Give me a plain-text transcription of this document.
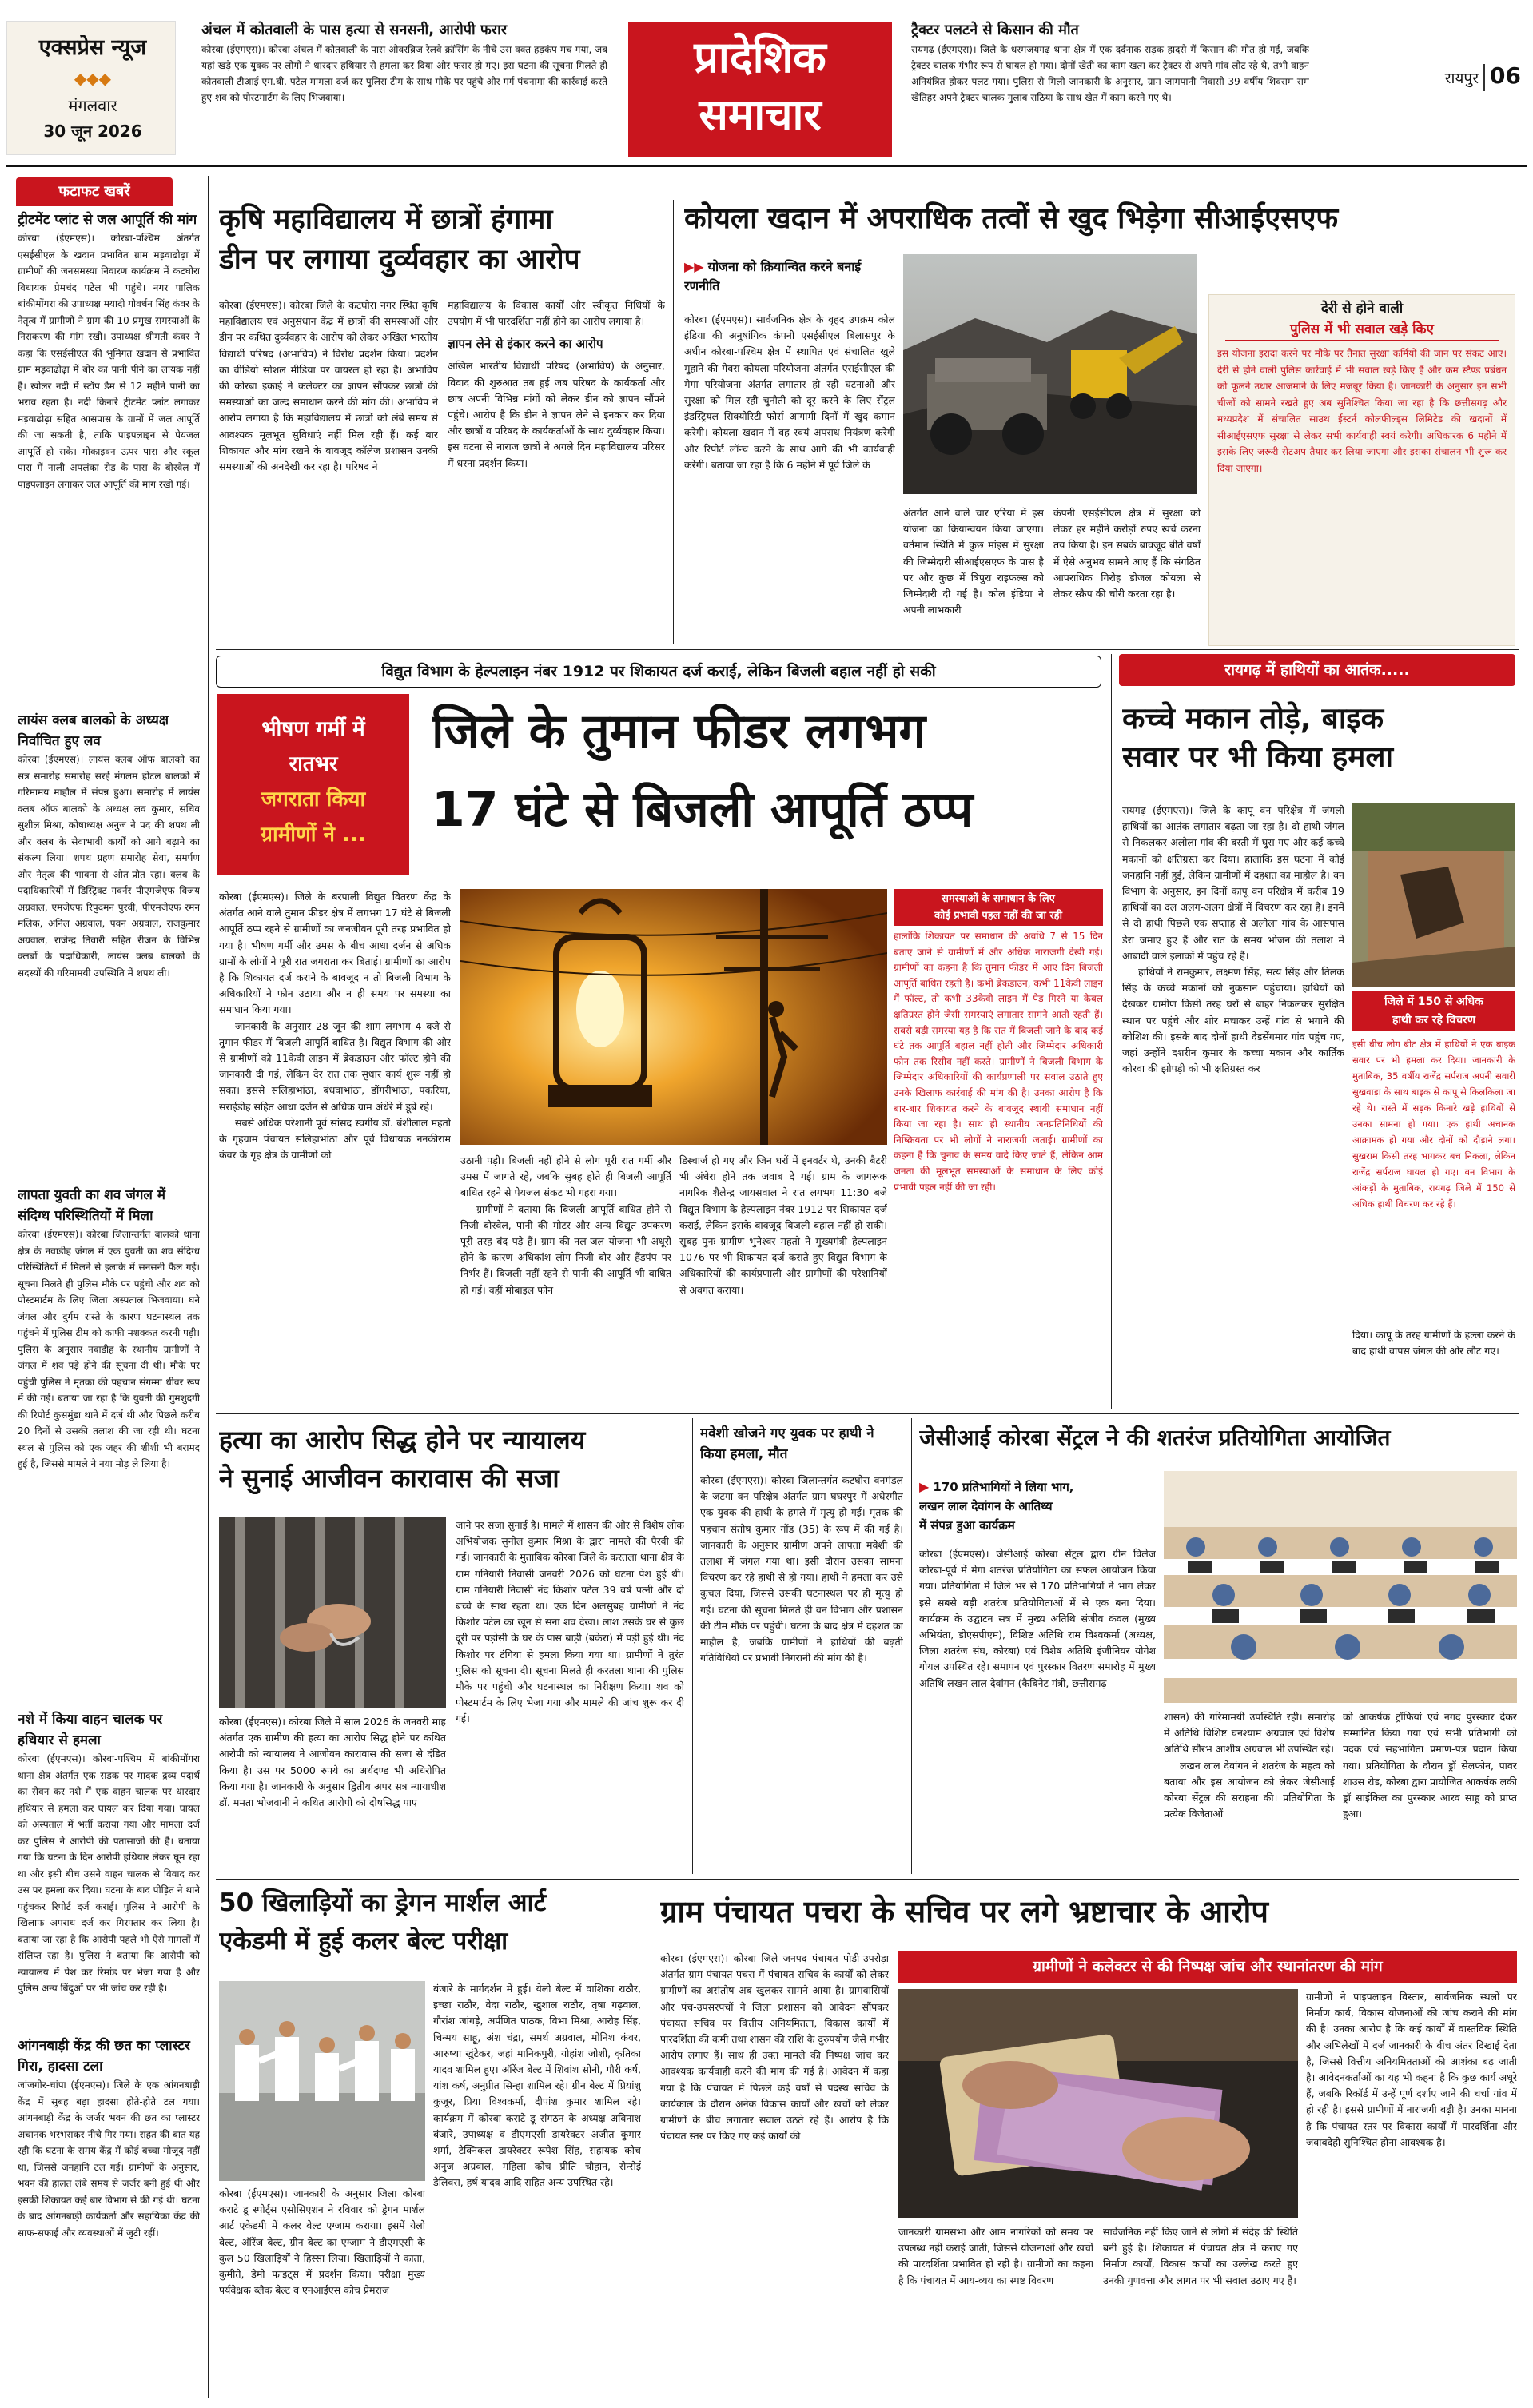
एक्सप्रेस न्यूज
◆◆◆
मंगलवार
30 जून 2026
अंचल में कोतवाली के पास हत्या से सनसनी, आरोपी फरार
कोरबा (ईएमएस)। कोरबा अंचल में कोतवाली के पास ओवरब्रिज रेलवे क्रॉसिंग के नीचे उस वक्त हड़कंप मच गया, जब यहां खड़े एक युवक पर लोगों ने धारदार हथियार से हमला कर दिया और फरार हो गए। इस घटना की सूचना मिलते ही कोतवाली टीआई एम.बी. पटेल मामला दर्ज कर पुलिस टीम के साथ मौके पर पहुंचे और मर्ग पंचनामा की कार्रवाई करते हुए शव को पोस्टमार्टम के लिए भिजवाया।
प्रादेशिक
समाचार
ट्रैक्टर पलटने से किसान की मौत
रायगढ़ (ईएमएस)। जिले के धरमजयगढ़ थाना क्षेत्र में एक दर्दनाक सड़क हादसे में किसान की मौत हो गई, जबकि ट्रैक्टर चालक गंभीर रूप से घायल हो गया। दोनों खेती का काम खत्म कर ट्रैक्टर से अपने गांव लौट रहे थे, तभी वाहन अनियंत्रित होकर पलट गया। पुलिस से मिली जानकारी के अनुसार, ग्राम जामपानी निवासी 39 वर्षीय शिवराम राम खेतिहर अपने ट्रैक्टर चालक गुलाब राठिया के साथ खेत में काम करने गए थे।
रायपुर 06
फटाफट खबरें
ट्रीटमेंट प्लांट से जल आपूर्ति की मांग
कोरबा (ईएमएस)। कोरबा-पश्चिम अंतर्गत एसईसीएल के खदान प्रभावित ग्राम मड़वाढोढ़ा में ग्रामीणों की जनसमस्या निवारण कार्यक्रम में कटघोरा विधायक प्रेमचंद पटेल भी पहुंचे। नगर पालिक बांकीमोंगरा की उपाध्यक्ष मयादी गोवर्धन सिंह कंवर के नेतृत्व में ग्रामीणों ने ग्राम की 10 प्रमुख समस्याओं के निराकरण की मांग रखी। उपाध्यक्ष श्रीमती कंवर ने कहा कि एसईसीएल की भूमिगत खदान से प्रभावित ग्राम मड़वाढोढ़ा में बोर का पानी पीने का लायक नहीं है। खोलर नदी में स्टॉप डैम से 12 महीने पानी का भराव रहता है। नदी किनारे ट्रीटमेंट प्लांट लगाकर मड़वाढोढ़ा सहित आसपास के ग्रामों में जल आपूर्ति की जा सकती है, ताकि पाइपलाइन से पेयजल आपूर्ति हो सके। मोकाइवन ऊपर पारा और स्कूल पारा में नाली अपलंका रोड़ के पास के बोरवेल में पाइपलाइन लगाकर जल आपूर्ति की मांग रखी गई।
लायंस क्लब बालको के अध्यक्ष निर्वाचित हुए लव
कोरबा (ईएमएस)। लायंस क्लब ऑफ बालको का सत्र समारोह समारोह सरई मंगलम होटल बालको में गरिमामय माहौल में संपन्न हुआ। समारोह में लायंस क्लब ऑफ बालको के अध्यक्ष लव कुमार, सचिव सुशील मिश्रा, कोषाध्यक्ष अनुज ने पद की शपथ ली और क्लब के सेवाभावी कार्यों को आगे बढ़ाने का संकल्प लिया। शपथ ग्रहण समारोह सेवा, समर्पण और नेतृत्व की भावना से ओत-प्रोत रहा। क्लब के पदाधिकारियों में डिस्ट्रिक्ट गवर्नर पीएमजेएफ विजय अग्रवाल, एमजेएफ रिपुदमन पुरवी, पीएमजेएफ रमन मलिक, अनिल अग्रवाल, पवन अग्रवाल, राजकुमार अग्रवाल, राजेन्द्र तिवारी सहित रीजन के विभिन्न क्लबों के पदाधिकारी, लायंस क्लब बालको के सदस्यों की गरिमामयी उपस्थिति में शपथ ली।
लापता युवती का शव जंगल में संदिग्ध परिस्थितियों में मिला
कोरबा (ईएमएस)। कोरबा जिलान्तर्गत बालको थाना क्षेत्र के नवाडीह जंगल में एक युवती का शव संदिग्ध परिस्थितियों में मिलने से इलाके में सनसनी फैल गई। सूचना मिलते ही पुलिस मौके पर पहुंची और शव को पोस्टमार्टम के लिए जिला अस्पताल भिजवाया। घने जंगल और दुर्गम रास्ते के कारण घटनास्थल तक पहुंचने में पुलिस टीम को काफी मशक्कत करनी पड़ी। पुलिस के अनुसार नवाडीह के स्थानीय ग्रामीणों ने जंगल में शव पड़े होने की सूचना दी थी। मौके पर पहुंची पुलिस ने मृतका की पहचान संगम्मा धीवर रूप में की गई। बताया जा रहा है कि युवती की गुमशुदगी की रिपोर्ट कुसमुंडा थाने में दर्ज थी और पिछले करीब 20 दिनों से उसकी तलाश की जा रही थी। घटना स्थल से पुलिस को एक जहर की शीशी भी बरामद हुई है, जिससे मामले ने नया मोड़ ले लिया है।
नशे में किया वाहन चालक पर हथियार से हमला
कोरबा (ईएमएस)। कोरबा-पश्चिम में बांकीमोंगरा थाना क्षेत्र अंतर्गत एक सड़क पर मादक द्रव्य पदार्थ का सेवन कर नशे में एक वाहन चालक पर धारदार हथियार से हमला कर घायल कर दिया गया। घायल को अस्पताल में भर्ती कराया गया और मामला दर्ज कर पुलिस ने आरोपी की पतासाजी की है। बताया गया कि घटना के दिन आरोपी हथियार लेकर घूम रहा था और इसी बीच उसने वाहन चालक से विवाद कर उस पर हमला कर दिया। घटना के बाद पीड़ित ने थाने पहुंचकर रिपोर्ट दर्ज कराई। पुलिस ने आरोपी के खिलाफ अपराध दर्ज कर गिरफ्तार कर लिया है। बताया जा रहा है कि आरोपी पहले भी ऐसे मामलों में संलिप्त रहा है। पुलिस ने बताया कि आरोपी को न्यायालय में पेश कर रिमांड पर भेजा गया है और पुलिस अन्य बिंदुओं पर भी जांच कर रही है।
आंगनबाड़ी केंद्र की छत का प्लास्टर गिरा, हादसा टला
जांजगीर-चांपा (ईएमएस)। जिले के एक आंगनबाड़ी केंद्र में सुबह बड़ा हादसा होते-होते टल गया। आंगनबाड़ी केंद्र के जर्जर भवन की छत का प्लास्टर अचानक भरभराकर नीचे गिर गया। राहत की बात यह रही कि घटना के समय केंद्र में कोई बच्चा मौजूद नहीं था, जिससे जनहानि टल गई। ग्रामीणों के अनुसार, भवन की हालत लंबे समय से जर्जर बनी हुई थी और इसकी शिकायत कई बार विभाग से की गई थी। घटना के बाद आंगनबाड़ी कार्यकर्ता और सहायिका केंद्र की साफ-सफाई और व्यवस्थाओं में जुटी रहीं।
कृषि महाविद्यालय में छात्रों हंगामा
डीन पर लगाया दुर्व्यवहार का आरोप
कोरबा (ईएमएस)। कोरबा जिले के कटघोरा नगर स्थित कृषि महाविद्यालय एवं अनुसंधान केंद्र में छात्रों की समस्याओं और डीन पर कथित दुर्व्यवहार के आरोप को लेकर अखिल भारतीय विद्यार्थी परिषद (अभाविप) ने विरोध प्रदर्शन किया। प्रदर्शन का वीडियो सोशल मीडिया पर वायरल हो रहा है। अभाविप की कोरबा इकाई ने कलेक्टर का ज्ञापन सौंपकर छात्रों की समस्याओं का जल्द समाधान करने की मांग की। अभाविप ने आरोप लगाया है कि महाविद्यालय में छात्रों को लंबे समय से आवश्यक मूलभूत सुविधाएं नहीं मिल रही हैं। कई बार शिकायत और मांग रखने के बावजूद कॉलेज प्रशासन उनकी समस्याओं की अनदेखी कर रहा है। परिषद ने
महाविद्यालय के विकास कार्यों और स्वीकृत निधियों के उपयोग में भी पारदर्शिता नहीं होने का आरोप लगाया है।
ज्ञापन लेने से इंकार करने का आरोप
अखिल भारतीय विद्यार्थी परिषद (अभाविप) के अनुसार, विवाद की शुरुआत तब हुई जब परिषद के कार्यकर्ता और छात्र अपनी विभिन्न मांगों को लेकर डीन को ज्ञापन सौंपने पहुंचे। आरोप है कि डीन ने ज्ञापन लेने से इनकार कर दिया और छात्रों व परिषद के कार्यकर्ताओं के साथ दुर्व्यवहार किया। इस घटना से नाराज छात्रों ने अगले दिन महाविद्यालय परिसर में धरना-प्रदर्शन किया।
कोयला खदान में अपराधिक तत्वों से खुद भिड़ेगा सीआईएसएफ
▶▶ योजना को क्रियान्वित करने बनाई रणनीति
कोरबा (ईएमएस)। सार्वजनिक क्षेत्र के वृहद उपक्रम कोल इंडिया की अनुषांगिक कंपनी एसईसीएल बिलासपुर के अधीन कोरबा-पश्चिम क्षेत्र में स्थापित एवं संचालित खुले मुहाने की गेवरा कोयला परियोजना अंतर्गत एसईसीएल की मेगा परियोजना अंतर्गत लगातार हो रही घटनाओं और सुरक्षा को मिल रही चुनौती को दूर करने के लिए सेंट्रल इंडस्ट्रियल सिक्योरिटी फोर्स आगामी दिनों में खुद कमान करेगी। कोयला खदान में वह स्वयं अपराध नियंत्रण करेगी और रिपोर्ट लॉन्च करने के साथ आगे की भी कार्यवाही करेगी। बताया जा रहा है कि 6 महीने में पूर्व जिले के
अंतर्गत आने वाले चार एरिया में इस योजना का क्रियान्वयन किया जाएगा। वर्तमान स्थिति में कुछ मांइस में सुरक्षा की जिम्मेदारी सीआईएसएफ के पास है पर और कुछ में त्रिपुरा राइफल्स को जिम्मेदारी दी गई है। कोल इंडिया ने अपनी लाभकारी
कंपनी एसईसीएल क्षेत्र में सुरक्षा को लेकर हर महीने करोड़ों रुपए खर्च करना तय किया है। इन सबके बावजूद बीते वर्षों में ऐसे अनुभव सामने आए हैं कि संगठित आपराधिक गिरोह डीजल कोयला से लेकर स्क्रैप की चोरी करता रहा है।
देरी से होने वाली
पुलिस में भी सवाल खड़े किए
इस योजना इरादा करने पर मौके पर तैनात सुरक्षा कर्मियों की जान पर संकट आए। देरी से होने वाली पुलिस कार्रवाई में भी सवाल खड़े किए हैं और कम स्टैण्ड प्रबंधन को फूलने उधार आजमाने के लिए मजबूर किया है। जानकारी के अनुसार इन सभी चीजों को सामने रखते हुए अब सुनिश्चित किया जा रहा है कि छत्तीसगढ़ और मध्यप्रदेश में संचालित साउथ ईस्टर्न कोलफील्ड्स लिमिटेड की खदानों में सीआईएसएफ सुरक्षा से लेकर सभी कार्यवाही स्वयं करेगी। अधिकारक 6 महीने में इसके लिए जरूरी सेटअप तैयार कर लिया जाएगा और इसका संचालन भी शुरू कर दिया जाएगा।
विद्युत विभाग के हेल्पलाइन नंबर 1912 पर शिकायत दर्ज कराई, लेकिन बिजली बहाल नहीं हो सकी
भीषण गर्मी में
रातभर
जगराता किया
ग्रामीणों ने ...
जिले के तुमान फीडर लगभग
17 घंटे से बिजली आपूर्ति ठप्प
कोरबा (ईएमएस)। जिले के बरपाली विद्युत वितरण केंद्र के अंतर्गत आने वाले तुमान फीडर क्षेत्र में लगभग 17 घंटे से बिजली आपूर्ति ठप्प रहने से ग्रामीणों का जनजीवन पूरी तरह प्रभावित हो गया है। भीषण गर्मी और उमस के बीच आधा दर्जन से अधिक ग्रामों के लोगों ने पूरी रात जगराता कर बिताई। ग्रामीणों का आरोप है कि शिकायत दर्ज कराने के बावजूद न तो बिजली विभाग के अधिकारियों ने फोन उठाया और न ही समय पर समस्या का समाधान किया गया।
जानकारी के अनुसार 28 जून की शाम लगभग 4 बजे से तुमान फीडर में बिजली आपूर्ति बाधित है। विद्युत विभाग की ओर से ग्रामीणों को 11केवी लाइन में ब्रेकडाउन और फॉल्ट होने की जानकारी दी गई, लेकिन देर रात तक सुधार कार्य शुरू नहीं हो सका। इससे सलिहाभांठा, बंधवाभांठा, डोंगरीभांठा, पकरिया, सराईडीह सहित आधा दर्जन से अधिक ग्राम अंधेरे में डूबे रहे।
सबसे अधिक परेशानी पूर्व सांसद स्वर्गीय डॉ. बंशीलाल महतो के गृहग्राम पंचायत सलिहाभांठा और पूर्व विधायक ननकीराम कंवर के गृह क्षेत्र के ग्रामीणों को
समस्याओं के समाधान के लिए
कोई प्रभावी पहल नहीं की जा रही
हालांकि शिकायत पर समाधान की अवधि 7 से 15 दिन बताए जाने से ग्रामीणों में और अधिक नाराजगी देखी गई। ग्रामीणों का कहना है कि तुमान फीडर में आए दिन बिजली आपूर्ति बाधित रहती है। कभी ब्रेकडाउन, कभी 11केवी लाइन में फॉल्ट, तो कभी 33केवी लाइन में पेड़ गिरने या केबल क्षतिग्रस्त होने जैसी समस्याएं लगातार सामने आती रहती हैं। सबसे बड़ी समस्या यह है कि रात में बिजली जाने के बाद कई घंटे तक आपूर्ति बहाल नहीं होती और जिम्मेदार अधिकारी फोन तक रिसीव नहीं करते। ग्रामीणों ने बिजली विभाग के जिम्मेदार अधिकारियों की कार्यप्रणाली पर सवाल उठाते हुए उनके खिलाफ कार्रवाई की मांग की है। उनका आरोप है कि बार-बार शिकायत करने के बावजूद स्थायी समाधान नहीं किया जा रहा है। साथ ही स्थानीय जनप्रतिनिधियों की निष्क्रियता पर भी लोगों ने नाराजगी जताई। ग्रामीणों का कहना है कि चुनाव के समय वादे किए जाते हैं, लेकिन आम जनता की मूलभूत समस्याओं के समाधान के लिए कोई प्रभावी पहल नहीं की जा रही।
उठानी पड़ी। बिजली नहीं होने से लोग पूरी रात गर्मी और उमस में जागते रहे, जबकि सुबह होते ही बिजली आपूर्ति बाधित रहने से पेयजल संकट भी गहरा गया।
ग्रामीणों ने बताया कि बिजली आपूर्ति बाधित होने से निजी बोरवेल, पानी की मोटर और अन्य विद्युत उपकरण पूरी तरह बंद पड़े हैं। ग्राम की नल-जल योजना भी अधूरी होने के कारण अधिकांश लोग निजी बोर और हैंडपंप पर निर्भर हैं। बिजली नहीं रहने से पानी की आपूर्ति भी बाधित हो गई। वहीं मोबाइल फोन
डिस्चार्ज हो गए और जिन घरों में इनवर्टर थे, उनकी बैटरी भी अंधेरा होने तक जवाब दे गई। ग्राम के जागरूक नागरिक शैलेन्द्र जायसवाल ने रात लगभग 11:30 बजे विद्युत विभाग के हेल्पलाइन नंबर 1912 पर शिकायत दर्ज कराई, लेकिन इसके बावजूद बिजली बहाल नहीं हो सकी। सुबह पुनः ग्रामीण भुनेश्वर महतो ने मुख्यमंत्री हेल्पलाइन 1076 पर भी शिकायत दर्ज कराते हुए विद्युत विभाग के अधिकारियों की कार्यप्रणाली और ग्रामीणों की परेशानियों से अवगत कराया।
रायगढ़ में हाथियों का आतंक.....
कच्चे मकान तोड़े, बाइक
सवार पर भी किया हमला
रायगढ़ (ईएमएस)। जिले के कापू वन परिक्षेत्र में जंगली हाथियों का आतंक लगातार बढ़ता जा रहा है। दो हाथी जंगल से निकलकर अलोला गांव की बस्ती में घुस गए और कई कच्चे मकानों को क्षतिग्रस्त कर दिया। हालांकि इस घटना में कोई जनहानि नहीं हुई, लेकिन ग्रामीणों में दहशत का माहौल है। वन विभाग के अनुसार, इन दिनों कापू वन परिक्षेत्र में करीब 19 हाथियों का दल अलग-अलग क्षेत्रों में विचरण कर रहा है। इनमें से दो हाथी पिछले एक सप्ताह से अलोला गांव के आसपास डेरा जमाए हुए हैं और रात के समय भोजन की तलाश में आबादी वाले इलाकों में पहुंच रहे हैं।
हाथियों ने रामकुमार, लक्ष्मण सिंह, सत्य सिंह और तिलक सिंह के कच्चे मकानों को नुकसान पहुंचाया। हाथियों को देखकर ग्रामीण किसी तरह घरों से बाहर निकलकर सुरक्षित स्थान पर पहुंचे और शोर मचाकर उन्हें गांव से भगाने की कोशिश की। इसके बाद दोनों हाथी देडसेंगमार गांव पहुंच गए, जहां उन्होंने दशरीन कुमार के कच्चा मकान और कार्तिक कोरवा की झोपड़ी को भी क्षतिग्रस्त कर
जिले में 150 से अधिक
हाथी कर रहे विचरण
इसी बीच लोग बीट क्षेत्र में हाथियों ने एक बाइक सवार पर भी हमला कर दिया। जानकारी के मुताबिक, 35 वर्षीय राजेंद्र सर्पराज अपनी सवारी सुखवाड़ा के साथ बाइक से कापू से किलकिला जा रहे थे। रास्ते में सड़क किनारे खड़े हाथियों से उनका सामना हो गया। एक हाथी अचानक आक्रामक हो गया और दोनों को दौड़ाने लगा। सुखराम किसी तरह भागकर बच निकला, लेकिन राजेंद्र सर्पराज घायल हो गए। वन विभाग के आंकड़ों के मुताबिक, रायगढ़ जिले में 150 से अधिक हाथी विचरण कर रहे हैं।
दिया। कापू के तरह ग्रामीणों के हल्ला करने के बाद हाथी वापस जंगल की ओर लौट गए।
हत्या का आरोप सिद्ध होने पर न्यायालय
ने सुनाई आजीवन कारावास की सजा
कोरबा (ईएमएस)। कोरबा जिले में साल 2026 के जनवरी माह अंतर्गत एक ग्रामीण की हत्या का आरोप सिद्ध होने पर कथित आरोपी को न्यायालय ने आजीवन कारावास की सजा से दंडित किया है। उस पर 5000 रुपये का अर्थदण्ड भी अधिरोपित किया गया है। जानकारी के अनुसार द्वितीय अपर सत्र न्यायाधीश डॉ. ममता भोजवानी ने कथित आरोपी को दोषसिद्ध पाए
जाने पर सजा सुनाई है। मामले में शासन की ओर से विशेष लोक अभियोजक सुनील कुमार मिश्रा के द्वारा मामले की पैरवी की गई। जानकारी के मुताबिक कोरबा जिले के करतला थाना क्षेत्र के ग्राम गनियारी निवासी जनवरी 2026 को घटना पेश हुई थी। ग्राम गनियारी निवासी नंद किशोर पटेल 39 वर्ष पत्नी और दो बच्चे के साथ रहता था। एक दिन अलसुबह ग्रामीणों ने नंद किशोर पटेल का खून से सना शव देखा। लाश उसके घर से कुछ दूरी पर पड़ोसी के घर के पास बाड़ी (बकेरा) में पड़ी हुई थी। नंद किशोर पर टंगिया से हमला किया गया था। ग्रामीणों ने तुरंत पुलिस को सूचना दी। सूचना मिलते ही करतला थाना की पुलिस मौके पर पहुंची और घटनास्थल का निरीक्षण किया। शव को पोस्टमार्टम के लिए भेजा गया और मामले की जांच शुरू कर दी गई।
मवेशी खोजने गए युवक पर हाथी ने किया हमला, मौत
कोरबा (ईएमएस)। कोरबा जिलान्तर्गत कटघोरा वनमंडल के जटगा वन परिक्षेत्र अंतर्गत ग्राम घघरपुर में अधेरगीत एक युवक की हाथी के हमले में मृत्यु हो गई। मृतक की पहचान संतोष कुमार गोंड (35) के रूप में की गई है। जानकारी के अनुसार ग्रामीण अपने लापता मवेशी की तलाश में जंगल गया था। इसी दौरान उसका सामना विचरण कर रहे हाथी से हो गया। हाथी ने हमला कर उसे कुचल दिया, जिससे उसकी घटनास्थल पर ही मृत्यु हो गई। घटना की सूचना मिलते ही वन विभाग और प्रशासन की टीम मौके पर पहुंची। घटना के बाद क्षेत्र में दहशत का माहौल है, जबकि ग्रामीणों ने हाथियों की बढ़ती गतिविधियों पर प्रभावी निगरानी की मांग की है।
जेसीआई कोरबा सेंट्रल ने की शतरंज प्रतियोगिता आयोजित
▶ 170 प्रतिभागियों ने लिया भाग,
लखन लाल देवांगन के आतिथ्य
में संपन्न हुआ कार्यक्रम
कोरबा (ईएमएस)। जेसीआई कोरबा सेंट्रल द्वारा ग्रीन विलेज कोरबा-पूर्व में मेगा शतरंज प्रतियोगिता का सफल आयोजन किया गया। प्रतियोगिता में जिले भर से 170 प्रतिभागियों ने भाग लेकर इसे सबसे बड़ी शतरंज प्रतियोगिताओं में से एक बना दिया। कार्यक्रम के उद्घाटन सत्र में मुख्य अतिथि संजीव कंवल (मुख्य अभियंता, डीएसपीएम), विशिष्ट अतिथि राम विश्वकर्मा (अध्यक्ष, जिला शतरंज संघ, कोरबा) एवं विशेष अतिथि इंजीनियर योगेश गोयल उपस्थित रहे। समापन एवं पुरस्कार वितरण समारोह में मुख्य अतिथि लखन लाल देवांगन (कैबिनेट मंत्री, छत्तीसगढ़
शासन) की गरिमामयी उपस्थिति रही। समारोह में अतिथि विशिष्ट घनश्याम अग्रवाल एवं विशेष अतिथि सौरभ आशीष अग्रवाल भी उपस्थित रहे।
लखन लाल देवांगन ने शतरंज के महत्व को बताया और इस आयोजन को लेकर जेसीआई कोरबा सेंट्रल की सराहना की। प्रतियोगिता के प्रत्येक विजेताओं
को आकर्षक ट्रॉफियां एवं नगद पुरस्कार देकर सम्मानित किया गया एवं सभी प्रतिभागी को पदक एवं सहभागिता प्रमाण-पत्र प्रदान किया गया। प्रतियोगिता के दौरान ड्रॉ सेलफोन, पावर शाउस रोड, कोरबा द्वारा प्रायोजित आकर्षक लकी ड्रॉ साईकिल का पुरस्कार आरव साहू को प्राप्त हुआ।
50 खिलाड़ियों का ड्रेगन मार्शल आर्ट
एकेडमी में हुई कलर बेल्ट परीक्षा
कोरबा (ईएमएस)। जानकारी के अनुसार जिला कोरबा कराटे डू स्पोर्ट्स एसोसिएशन ने रविवार को ड्रेगन मार्शल आर्ट एकेडमी में कलर बेल्ट एग्जाम कराया। इसमें येलो बेल्ट, ऑरेंज बेल्ट, ग्रीन बेल्ट का एग्जाम ने डीएमएसी के कुल 50 खिलाड़ियों ने हिस्सा लिया। खिलाड़ियों ने काता, कुमीते, डेमो फाइट्स में प्रदर्शन किया। परीक्षा मुख्य पर्यवेक्षक ब्लैक बेल्ट व एनआईएस कोच प्रेमराज
बंजारे के मार्गदर्शन में हुई। येलो बेल्ट में वाशिका राठौर, इच्छा राठौर, वेदा राठौर, खुशाल राठौर, तृषा गढ़वाल, गौरांश जांगड़े, अर्पणित पाठक, विभा मिश्रा, आरोह सिंह, चिन्मय साहू, अंश चंद्रा, समर्थ अग्रवाल, मोनिश कंवर, आरुष्या खुंटेकर, जहां मानिकपुरी, योहांश जोशी, कृतिका यादव शामिल हुए। ऑरेंज बेल्ट में शिवांश सोनी, गौरी कर्ष, यांश कर्ष, अनुप्रीत सिन्हा शामिल रहे। ग्रीन बेल्ट में प्रियांशु कुजूर, प्रिया विश्वकर्मा, दीपांश कुमार शामिल रहे। कार्यक्रम में कोरबा कराटे डू संगठन के अध्यक्ष अविनाश बंजारे, उपाध्यक्ष व डीएमएसी डायरेक्टर अजीत कुमार शर्मा, टेक्निकल डायरेक्टर रूपेश सिंह, सहायक कोच अनुज अग्रवाल, महिला कोच प्रीति चौहान, सेन्सेई डेलिवस, हर्ष यादव आदि सहित अन्य उपस्थित रहे।
ग्राम पंचायत पचरा के सचिव पर लगे भ्रष्टाचार के आरोप
कोरबा (ईएमएस)। कोरबा जिले जनपद पंचायत पोड़ी-उपरोड़ा अंतर्गत ग्राम पंचायत पचरा में पंचायत सचिव के कार्यों को लेकर ग्रामीणों का असंतोष अब खुलकर सामने आया है। ग्रामवासियों और पंच-उपसरपंचों ने जिला प्रशासन को आवेदन सौंपकर पंचायत सचिव पर वित्तीय अनियमितता, विकास कार्यों में पारदर्शिता की कमी तथा शासन की राशि के दुरुपयोग जैसे गंभीर आरोप लगाए हैं। साथ ही उक्त मामले की निष्पक्ष जांच कर आवश्यक कार्यवाही करने की मांग की गई है। आवेदन में कहा गया है कि पंचायत में पिछले कई वर्षों से पदस्थ सचिव के कार्यकाल के दौरान अनेक विकास कार्यों और खर्चों को लेकर ग्रामीणों के बीच लगातार सवाल उठते रहे हैं। आरोप है कि पंचायत स्तर पर किए गए कई कार्यों की
ग्रामीणों ने कलेक्टर से की निष्पक्ष जांच और स्थानांतरण की मांग
ग्रामीणों ने पाइपलाइन विस्तार, सार्वजनिक स्थलों पर निर्माण कार्य, विकास योजनाओं की जांच कराने की मांग की है। उनका आरोप है कि कई कार्यों में वास्तविक स्थिति और अभिलेखों में दर्ज जानकारी के बीच अंतर दिखाई देता है, जिससे वित्तीय अनियमितताओं की आशंका बढ़ जाती है। आवेदनकर्ताओं का यह भी कहना है कि कुछ कार्य अधूरे हैं, जबकि रिकॉर्ड में उन्हें पूर्ण दर्शाए जाने की चर्चा गांव में हो रही है। इससे ग्रामीणों में नाराजगी बढ़ी है। उनका मानना है कि पंचायत स्तर पर विकास कार्यों में पारदर्शिता और जवाबदेही सुनिश्चित होना आवश्यक है।
जानकारी ग्रामसभा और आम नागरिकों को समय पर उपलब्ध नहीं कराई जाती, जिससे योजनाओं और खर्चों की पारदर्शिता प्रभावित हो रही है। ग्रामीणों का कहना है कि पंचायत में आय-व्यय का स्पष्ट विवरण
सार्वजनिक नहीं किए जाने से लोगों में संदेह की स्थिति बनी हुई है। शिकायत में पंचायत क्षेत्र में कराए गए निर्माण कार्यों, विकास कार्यों का उल्लेख करते हुए उनकी गुणवत्ता और लागत पर भी सवाल उठाए गए हैं।
